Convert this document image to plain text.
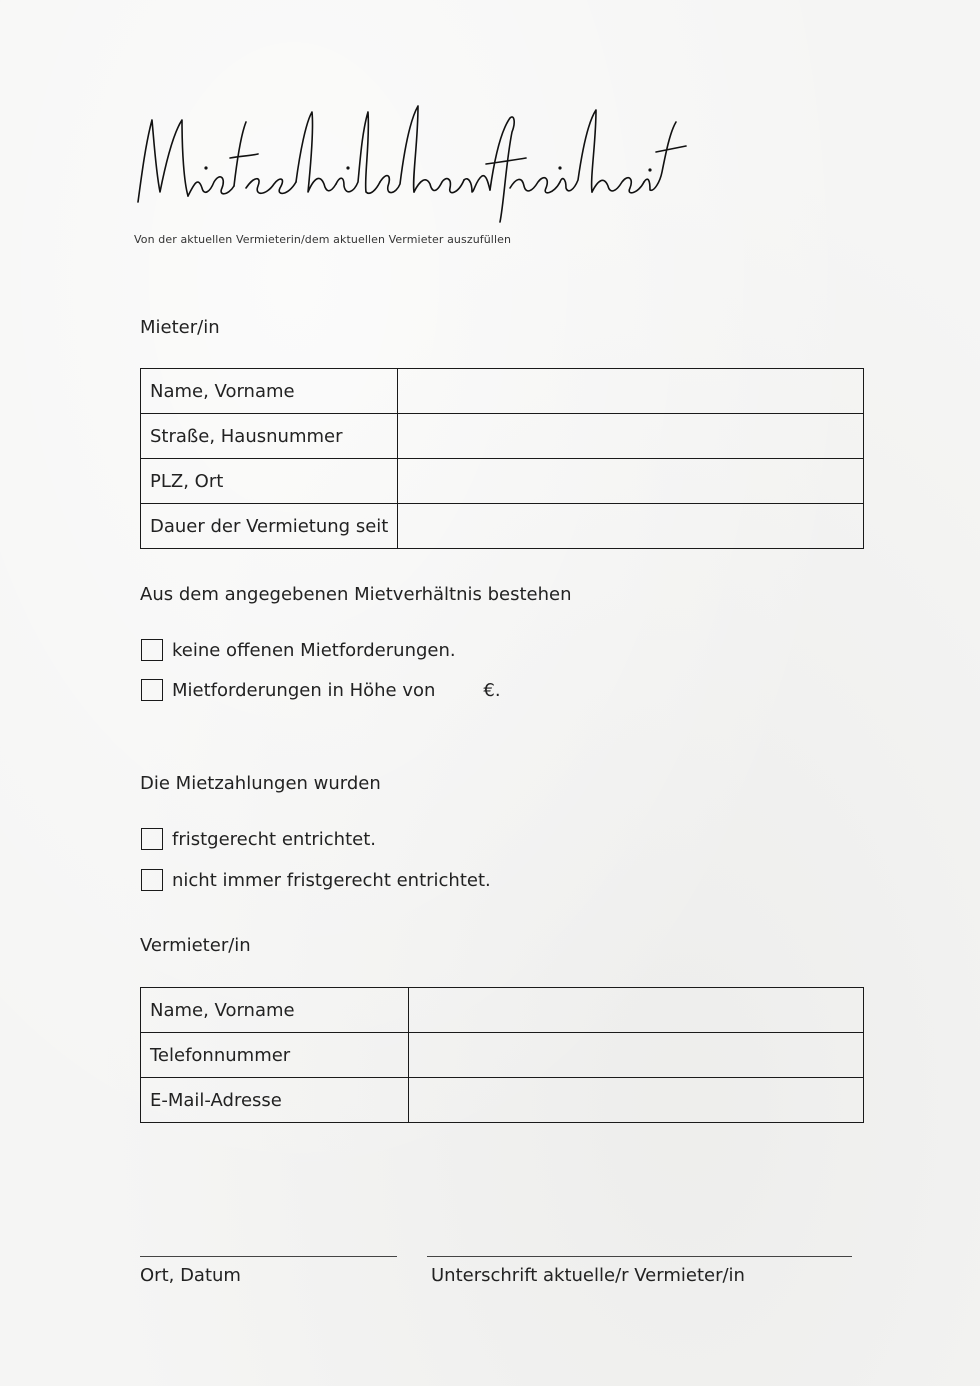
Von der aktuellen Vermieterin/dem aktuellen Vermieter auszufüllen
Mieter/in
Name, Vorname	
Straße, Hausnummer	
PLZ, Ort	
Dauer der Vermietung seit	
Aus dem angegebenen Mietverhältnis bestehen
keine offenen Mietforderungen.
Mietforderungen in Höhe von	€.
Die Mietzahlungen wurden
fristgerecht entrichtet.
nicht immer fristgerecht entrichtet.
Vermieter/in
Name, Vorname	
Telefonnummer	
E-Mail-Adresse	
Ort, Datum	Unterschrift aktuelle/r Vermieter/in
